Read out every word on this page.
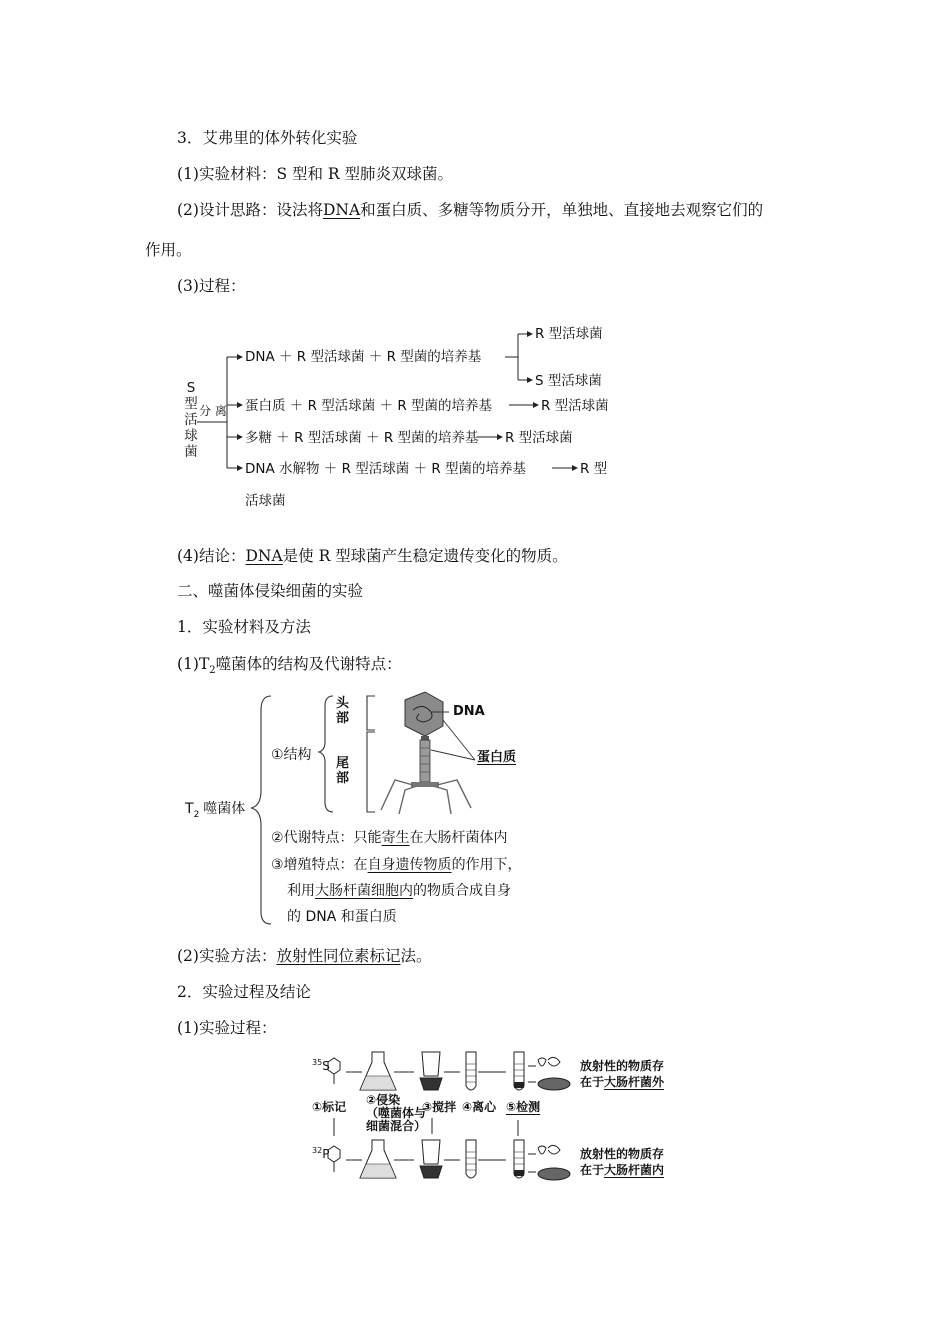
3．艾弗里的体外转化实验
(1)实验材料：S 型和 R 型肺炎双球菌。
(2)设计思路：设法将DNA和蛋白质、多糖等物质分开，单独地、直接地去观察它们的
作用。
(3)过程：
S
型
活
球
菌
分 离
DNA ＋ R 型活球菌 ＋ R 型菌的培养基
R 型活球菌
S 型活球菌
蛋白质 ＋ R 型活球菌 ＋ R 型菌的培养基	R 型活球菌
多糖 ＋ R 型活球菌 ＋ R 型菌的培养基 R 型活球菌
DNA 水解物 ＋ R 型活球菌 ＋ R 型菌的培养基	R 型
活球菌
(4)结论：DNA是使 R 型球菌产生稳定遗传变化的物质。
二、噬菌体侵染细菌的实验
1．实验材料及方法
$(1)T_2$噬菌体的结构及代谢特点：
$T_2$ 噬菌体
①结构
头
部
尾
部
DNA
蛋白质
②代谢特点：只能寄生在大肠杆菌体内
③增殖特点：在自身遗传物质的作用下，
利用大肠杆菌细胞内的物质合成自身
的 DNA 和蛋白质
(2)实验方法：放射性同位素标记法。
2．实验过程及结论
(1)实验过程：
$^{35}$S
$^{32}$P
①标记 ②侵染
（噬菌体与
细菌混合）
③搅拌 ④离心 ⑤检测
放射性的物质存
在于大肠杆菌外
放射性的物质存
在于大肠杆菌内
